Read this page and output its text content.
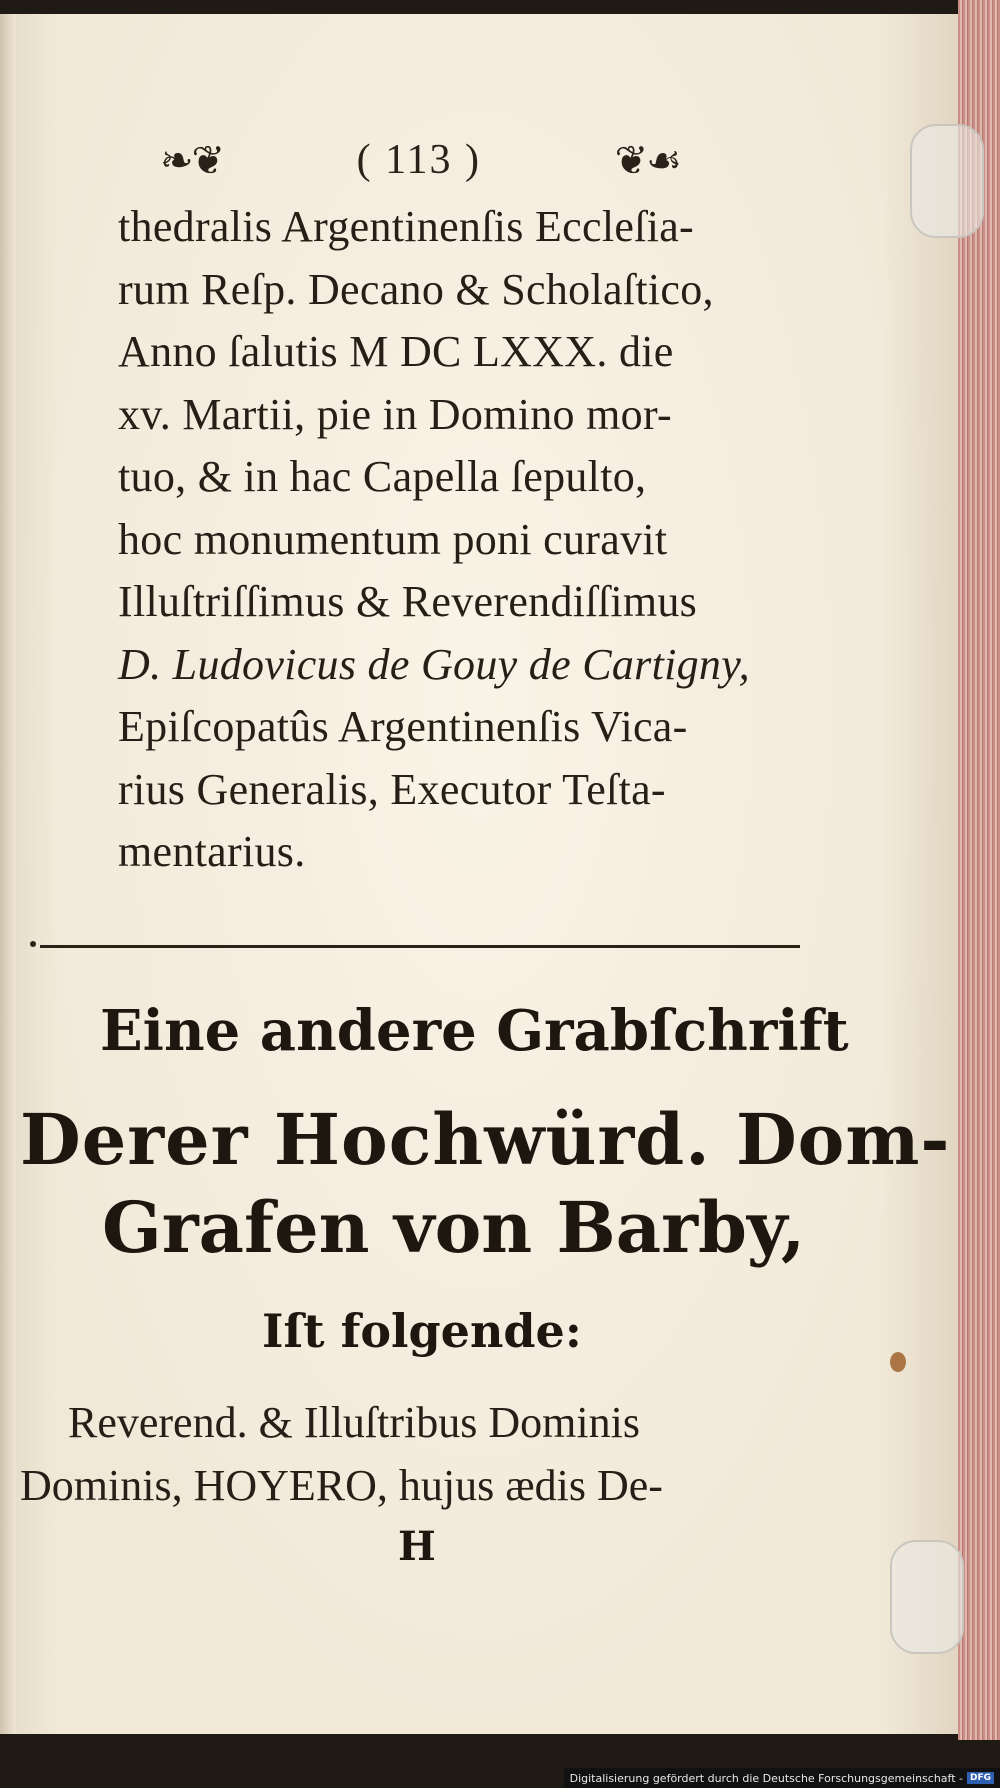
❧❦	( 113 )	❦☙
thedralis Argentinenſis Eccleſia-
rum Reſp. Decano & Scholaſtico,
Anno ſalutis M DC LXXX. die
xv. Martii, pie in Domino mor-
tuo, & in hac Capella ſepulto,
hoc monumentum poni curavit
Illuſtriſſimus & Reverendiſſimus
D. Ludovicus de Gouy de Cartigny,
Epiſcopatûs Argentinenſis Vica-
rius Generalis, Executor Teſta-
mentarius.
Eine andere Grabſchrift
Derer Hochwürd. Dom-
Grafen von Barby,
Iſt folgende:
Reverend. & Illuſtribus Dominis
Dominis, HOYERO, hujus ædis De-
H
Digitalisierung gefördert durch die Deutsche Forschungsgemeinschaft - DFG
